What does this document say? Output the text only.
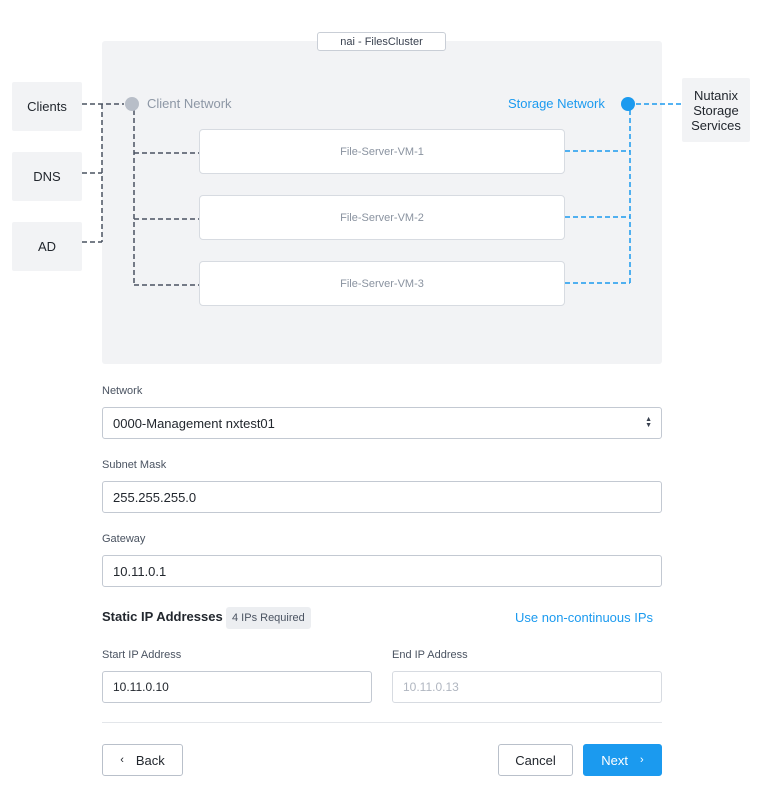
nai - FilesCluster
Clients
DNS
AD
Nutanix Storage Services
Client Network	Storage Network
File-Server-VM-1
File-Server-VM-2
File-Server-VM-3
Network
0000-Management nxtest01	▲
▼
Subnet Mask
255.255.255.0
Gateway
10.11.0.1
Static IP Addresses 4 IPs Required	Use non-continuous IPs
Start IP Address
10.11.0.10
End IP Address
10.11.0.13
‹ Back	Cancel	Next ›
